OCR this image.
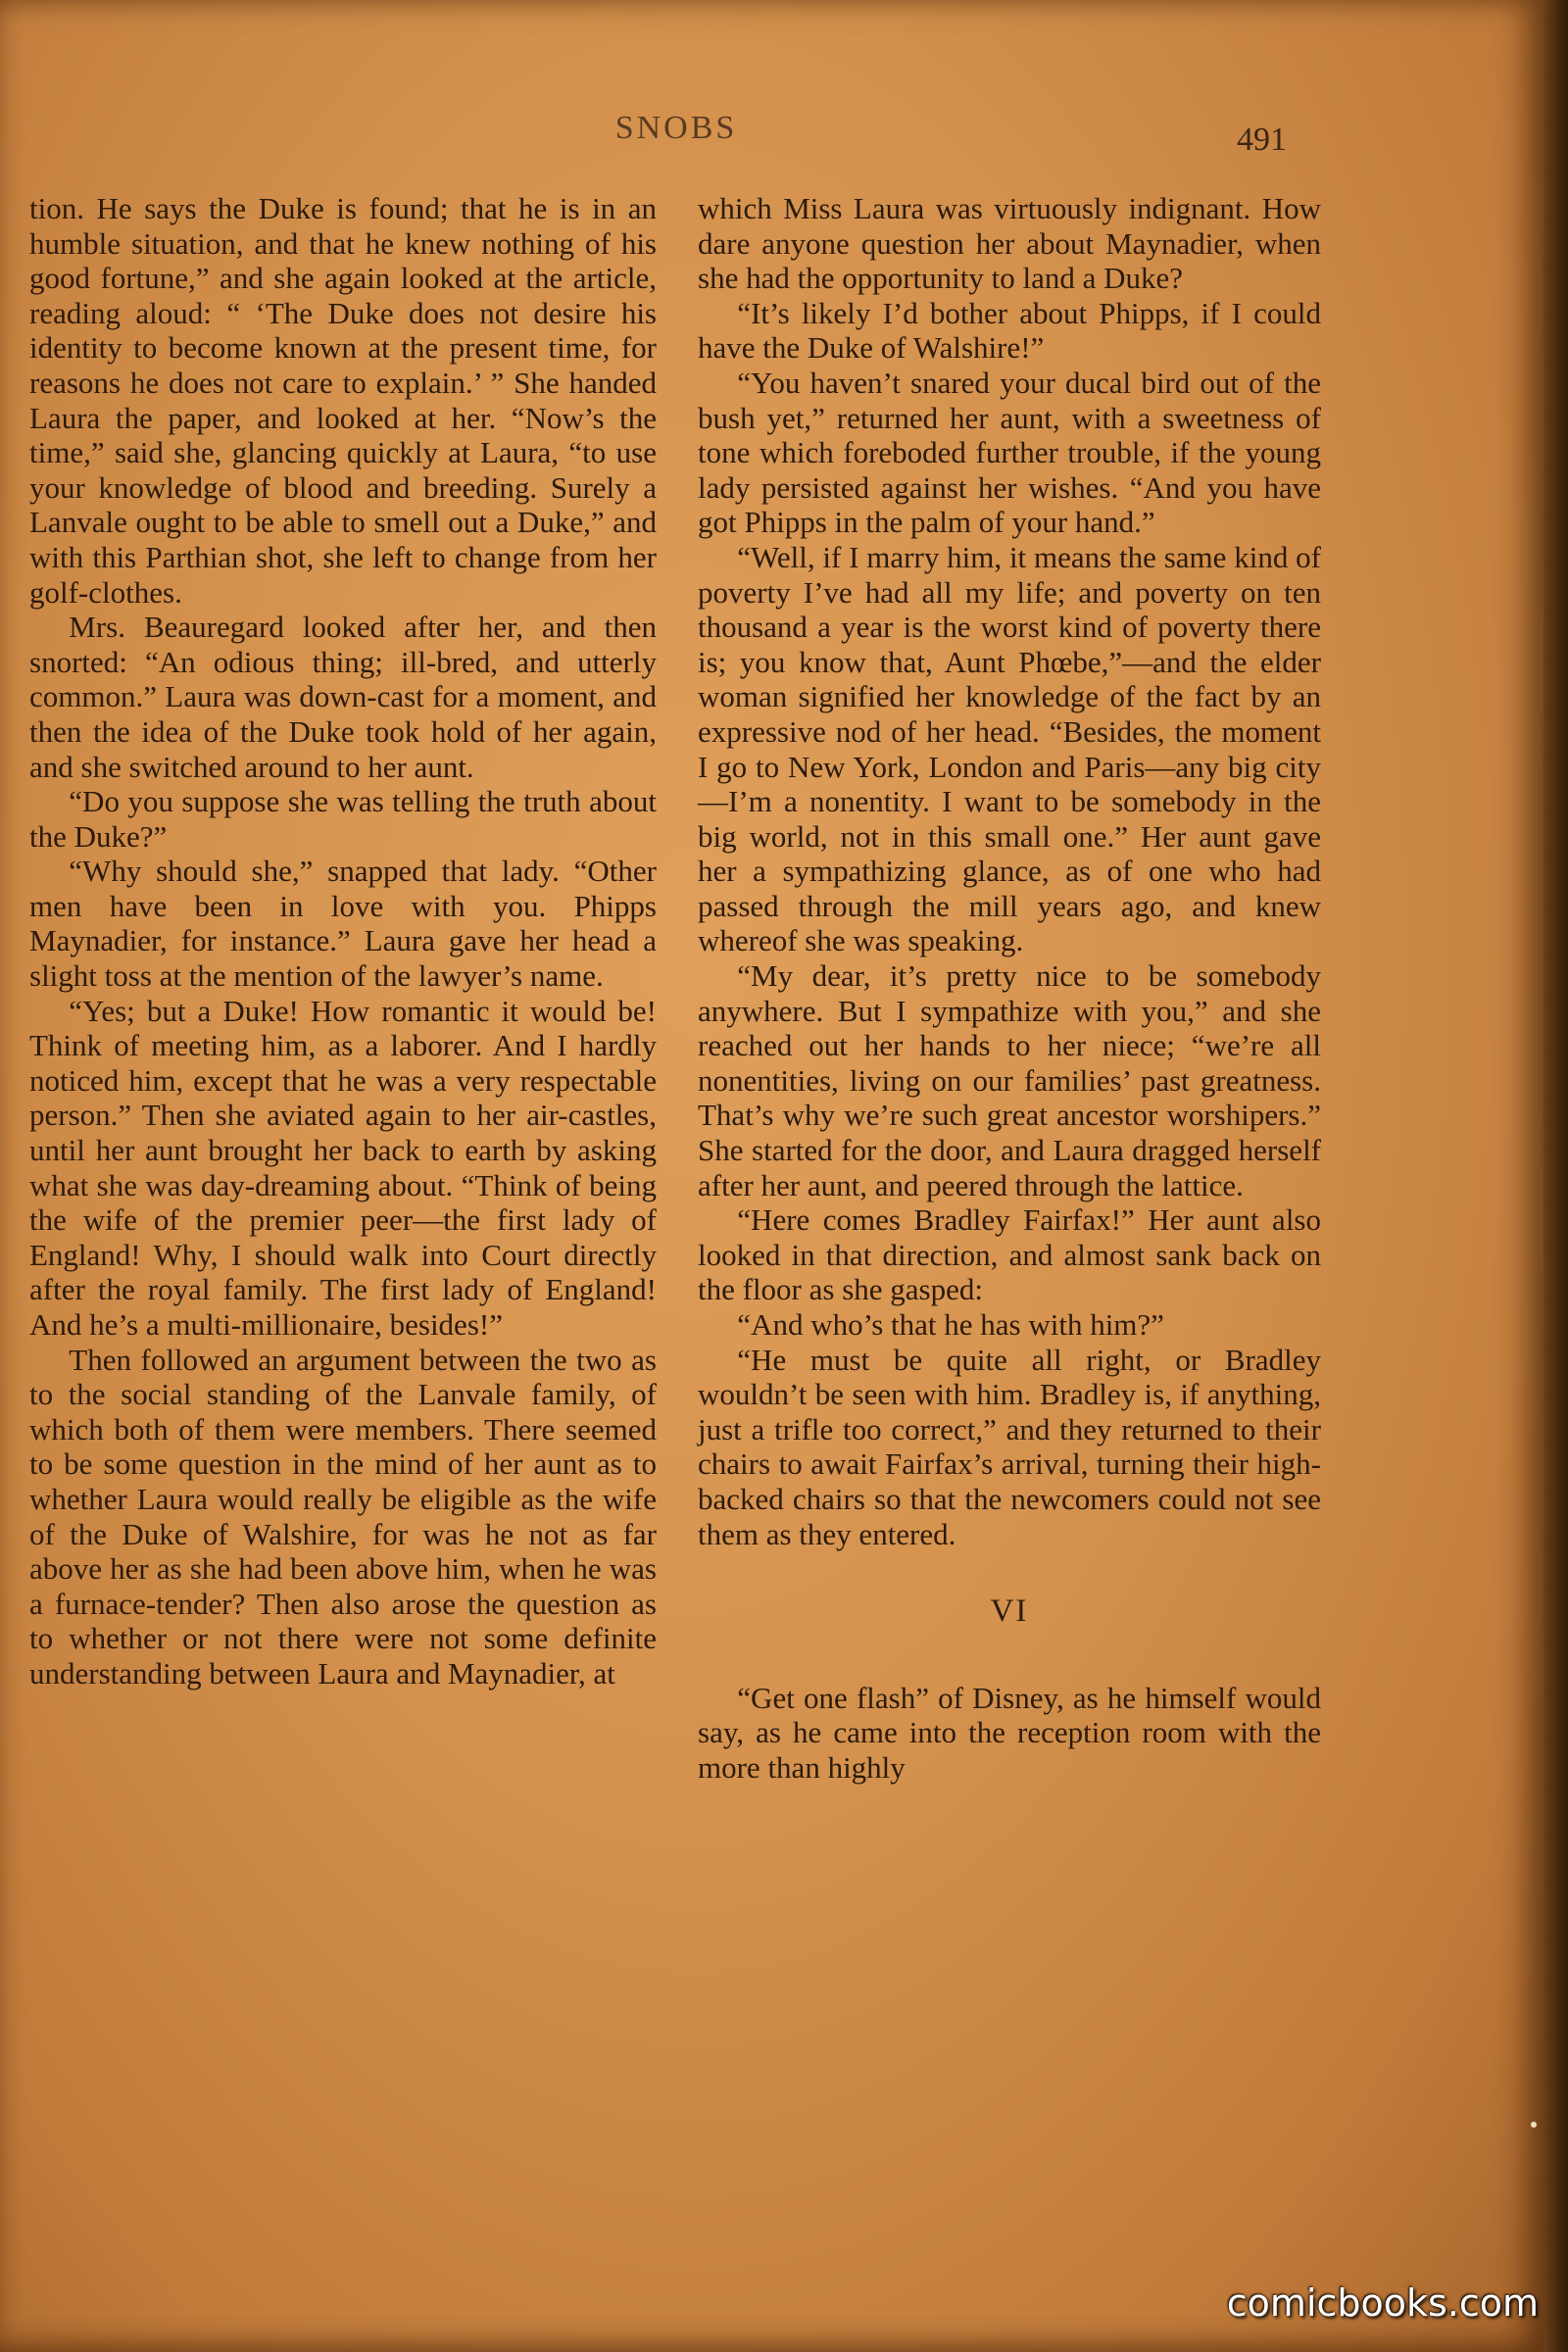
SNOBS	491

tion. He says the Duke is found; that he is in an humble situation, and that he knew nothing of his good fortune,” and she again looked at the article, reading aloud: “ ‘The Duke does not desire his identity to become known at the present time, for reasons he does not care to explain.’ ” She handed Laura the paper, and looked at her. “Now’s the time,” said she, glancing quickly at Laura, “to use your knowledge of blood and breeding. Surely a Lanvale ought to be able to smell out a Duke,” and with this Parthian shot, she left to change from her golf-clothes.

Mrs. Beauregard looked after her, and then snorted: “An odious thing; ill-bred, and utterly common.” Laura was down-cast for a moment, and then the idea of the Duke took hold of her again, and she switched around to her aunt.

“Do you suppose she was telling the truth about the Duke?”

“Why should she,” snapped that lady. “Other men have been in love with you. Phipps Maynadier, for instance.” Laura gave her head a slight toss at the mention of the lawyer’s name.

“Yes; but a Duke! How romantic it would be! Think of meeting him, as a laborer. And I hardly noticed him, except that he was a very respectable person.” Then she aviated again to her air-castles, until her aunt brought her back to earth by asking what she was day-dreaming about. “Think of being the wife of the premier peer—the first lady of England! Why, I should walk into Court directly after the royal family. The first lady of England! And he’s a multi-millionaire, besides!”

Then followed an argument between the two as to the social standing of the Lanvale family, of which both of them were members. There seemed to be some question in the mind of her aunt as to whether Laura would really be eligible as the wife of the Duke of Walshire, for was he not as far above her as she had been above him, when he was a furnace-tender? Then also arose the question as to whether or not there were not some definite understanding between Laura and Maynadier, at

which Miss Laura was virtuously indignant. How dare anyone question her about Maynadier, when she had the opportunity to land a Duke?

“It’s likely I’d bother about Phipps, if I could have the Duke of Walshire!”

“You haven’t snared your ducal bird out of the bush yet,” returned her aunt, with a sweetness of tone which foreboded further trouble, if the young lady persisted against her wishes. “And you have got Phipps in the palm of your hand.”

“Well, if I marry him, it means the same kind of poverty I’ve had all my life; and poverty on ten thousand a year is the worst kind of poverty there is; you know that, Aunt Phœbe,”—and the elder woman signified her knowledge of the fact by an expressive nod of her head. “Besides, the moment I go to New York, London and Paris—any big city—I’m a nonentity. I want to be somebody in the big world, not in this small one.” Her aunt gave her a sympathizing glance, as of one who had passed through the mill years ago, and knew whereof she was speaking.

“My dear, it’s pretty nice to be somebody anywhere. But I sympathize with you,” and she reached out her hands to her niece; “we’re all nonentities, living on our families’ past greatness. That’s why we’re such great ancestor worshipers.” She started for the door, and Laura dragged herself after her aunt, and peered through the lattice.

“Here comes Bradley Fairfax!” Her aunt also looked in that direction, and almost sank back on the floor as she gasped:

“And who’s that he has with him?”

“He must be quite all right, or Bradley wouldn’t be seen with him. Bradley is, if anything, just a trifle too correct,” and they returned to their chairs to await Fairfax’s arrival, turning their high-backed chairs so that the newcomers could not see them as they entered.

VI

“Get one flash” of Disney, as he himself would say, as he came into the reception room with the more than highly

comicbooks.com
